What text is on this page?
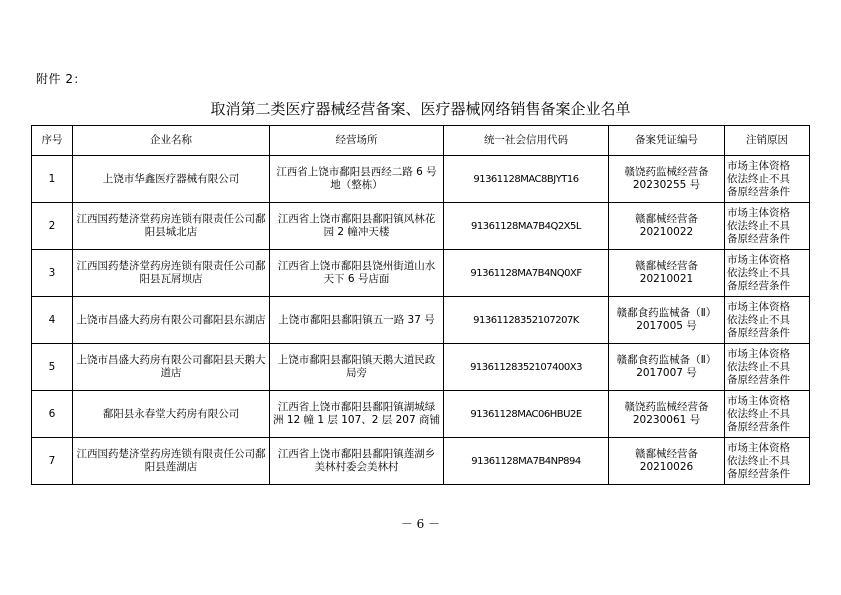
附件 2：
取消第二类医疗器械经营备案、医疗器械网络销售备案企业名单
序号	企业名称	经营场所	统一社会信用代码	备案凭证编号	注销原因
1	上饶市华鑫医疗器械有限公司	江西省上饶市鄱阳县西经二路 6 号地（整栋）	91361128MAC8BJYT16	赣饶药监械经营备 20230255 号	市场主体资格
依法终止不具
备原经营条件
2	江西国药楚济堂药房连锁有限责任公司鄱阳县城北店	江西省上饶市鄱阳县鄱阳镇风林花园 2 幢冲天楼	91361128MA7B4Q2X5L	赣鄱械经营备 20210022	市场主体资格
依法终止不具
备原经营条件
3	江西国药楚济堂药房连锁有限责任公司鄱阳县瓦屑坝店	江西省上饶市鄱阳县饶州街道山水天下 6 号店面	91361128MA7B4NQ0XF	赣鄱械经营备 20210021	市场主体资格
依法终止不具
备原经营条件
4	上饶市昌盛大药房有限公司鄱阳县东湖店	上饶市鄱阳县鄱阳镇五一路 37 号	91361128352107207K	赣鄱食药监械备（Ⅱ）2017005 号	市场主体资格
依法终止不具
备原经营条件
5	上饶市昌盛大药房有限公司鄱阳县天鹅大道店	上饶市鄱阳县鄱阳镇天鹅大道民政局旁	91361128352107400X3	赣鄱食药监械备（Ⅱ）2017007 号	市场主体资格
依法终止不具
备原经营条件
6	鄱阳县永春堂大药房有限公司	江西省上饶市鄱阳县鄱阳镇湖城绿洲 12 幢 1 层 107、2 层 207 商铺	91361128MAC06HBU2E	赣饶药监械经营备 20230061 号	市场主体资格
依法终止不具
备原经营条件
7	江西国药楚济堂药房连锁有限责任公司鄱阳县莲湖店	江西省上饶市鄱阳县鄱阳镇莲湖乡美林村委会美林村	91361128MA7B4NP894	赣鄱械经营备 20210026	市场主体资格
依法终止不具
备原经营条件
－ 6 －
